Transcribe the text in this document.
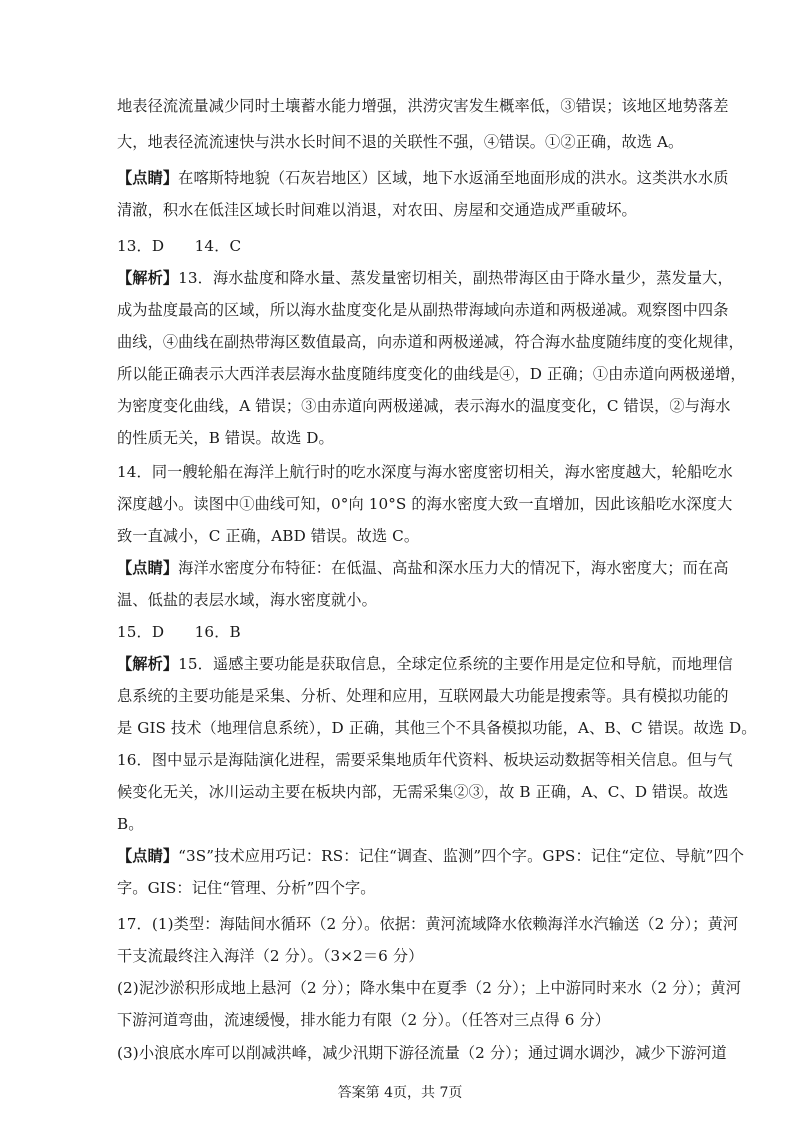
地表径流流量减少同时土壤蓄水能力增强，洪涝灾害发生概率低，③错误；该地区地势落差
大，地表径流流速快与洪水长时间不退的关联性不强，④错误。①②正确，故选 A。
【点睛】在喀斯特地貌（石灰岩地区）区域，地下水返涌至地面形成的洪水。这类洪水水质
清澈，积水在低洼区域长时间难以消退，对农田、房屋和交通造成严重破坏。
13．D　　14．C
【解析】13．海水盐度和降水量、蒸发量密切相关，副热带海区由于降水量少，蒸发量大，
成为盐度最高的区域，所以海水盐度变化是从副热带海域向赤道和两极递减。观察图中四条
曲线，④曲线在副热带海区数值最高，向赤道和两极递减，符合海水盐度随纬度的变化规律，
所以能正确表示大西洋表层海水盐度随纬度变化的曲线是④，D 正确；①由赤道向两极递增，
为密度变化曲线，A 错误；③由赤道向两极递减，表示海水的温度变化，C 错误，②与海水
的性质无关，B 错误。故选 D。
14．同一艘轮船在海洋上航行时的吃水深度与海水密度密切相关，海水密度越大，轮船吃水
深度越小。读图中①曲线可知，0°向 10°S 的海水密度大致一直增加，因此该船吃水深度大
致一直减小，C 正确，ABD 错误。故选 C。
【点睛】海洋水密度分布特征：在低温、高盐和深水压力大的情况下，海水密度大；而在高
温、低盐的表层水域，海水密度就小。
15．D　　16．B
【解析】15．遥感主要功能是获取信息，全球定位系统的主要作用是定位和导航，而地理信
息系统的主要功能是采集、分析、处理和应用，互联网最大功能是搜索等。具有模拟功能的
是 GIS 技术（地理信息系统），D 正确，其他三个不具备模拟功能，A、B、C 错误。故选 D。
16．图中显示是海陆演化进程，需要采集地质年代资料、板块运动数据等相关信息。但与气
候变化无关，冰川运动主要在板块内部，无需采集②③，故 B 正确，A、C、D 错误。故选
B。
【点睛】“3S”技术应用巧记：RS：记住“调查、监测”四个字。GPS：记住“定位、导航”四个
字。GIS：记住“管理、分析”四个字。
17．(1)类型：海陆间水循环（2 分）。依据：黄河流域降水依赖海洋水汽输送（2 分）；黄河
干支流最终注入海洋（2 分）。（3×2＝6 分）
(2)泥沙淤积形成地上悬河（2 分）；降水集中在夏季（2 分）；上中游同时来水（2 分）；黄河
下游河道弯曲，流速缓慢，排水能力有限（2 分）。（任答对三点得 6 分）
(3)小浪底水库可以削减洪峰，减少汛期下游径流量（2 分）；通过调水调沙，减少下游河道
答案第 4页，共 7页
